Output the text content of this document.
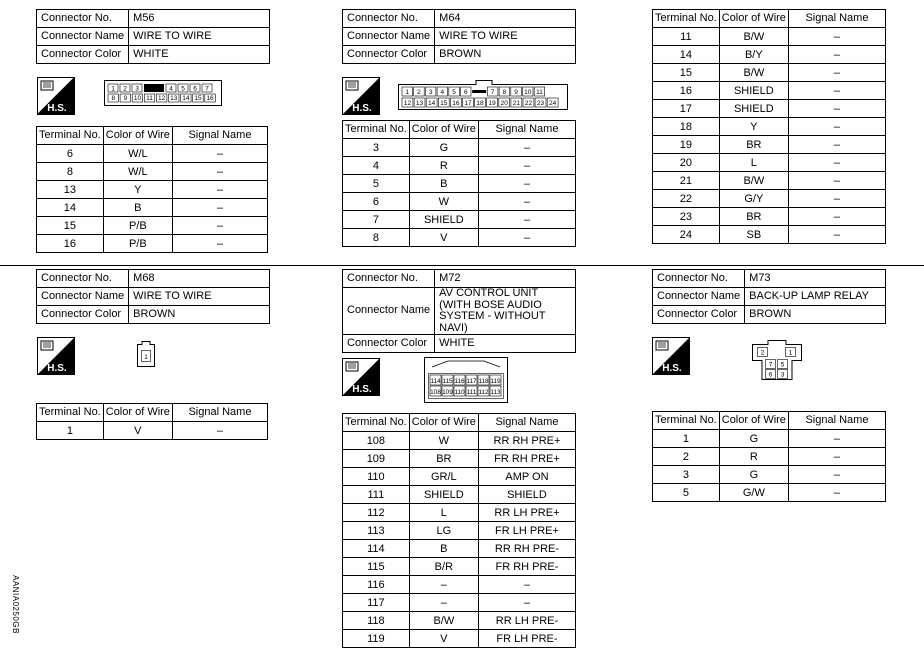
Connector No.	M56
Connector Name	WIRE TO WIRE
Connector Color	WHITE
H.S.
1 2 3	4 5 6 7
8 9 10 11 12 13 14 15 16
Terminal No.	Color of Wire	Signal Name
6	W/L	–
8	W/L	–
13	Y	–
14	B	–
15	P/B	–
16	P/B	–
Connector No.	M64
Connector Name	WIRE TO WIRE
Connector Color	BROWN
H.S.
1 2 3 4 5 6	7 8 9 10 11
12 13 14 15 16 17 18 19 20 21 22 23 24
Terminal No.	Color of Wire	Signal Name
3	G	–
4	R	–
5	B	–
6	W	–
7	SHIELD	–
8	V	–
Terminal No.	Color of Wire	Signal Name
11	B/W	–
14	B/Y	–
15	B/W	–
16	SHIELD	–
17	SHIELD	–
18	Y	–
19	BR	–
20	L	–
21	B/W	–
22	G/Y	–
23	BR	–
24	SB	–
Connector No.	M68
Connector Name	WIRE TO WIRE
Connector Color	BROWN
H.S.
1
Terminal No.	Color of Wire	Signal Name
1	V	–
Connector No.	M72
Connector Name	AV CONTROL UNIT (WITH BOSE AUDIO SYSTEM - WITHOUT NAVI)
Connector Color	WHITE
H.S.
114 115 116 117 118 119
108 109 110 111 112 113
Terminal No.	Color of Wire	Signal Name
108	W	RR RH PRE+
109	BR	FR RH PRE+
110	GR/L	AMP ON
111	SHIELD	SHIELD
112	L	RR LH PRE+
113	LG	FR LH PRE+
114	B	RR RH PRE-
115	B/R	FR RH PRE-
116	–	–
117	–	–
118	B/W	RR LH PRE-
119	V	FR LH PRE-
Connector No.	M73
Connector Name	BACK-UP LAMP RELAY
Connector Color	BROWN
H.S.
2	1
7 5
6 3
Terminal No.	Color of Wire	Signal Name
1	G	–
2	R	–
3	G	–
5	G/W	–
AANIA0250GB
